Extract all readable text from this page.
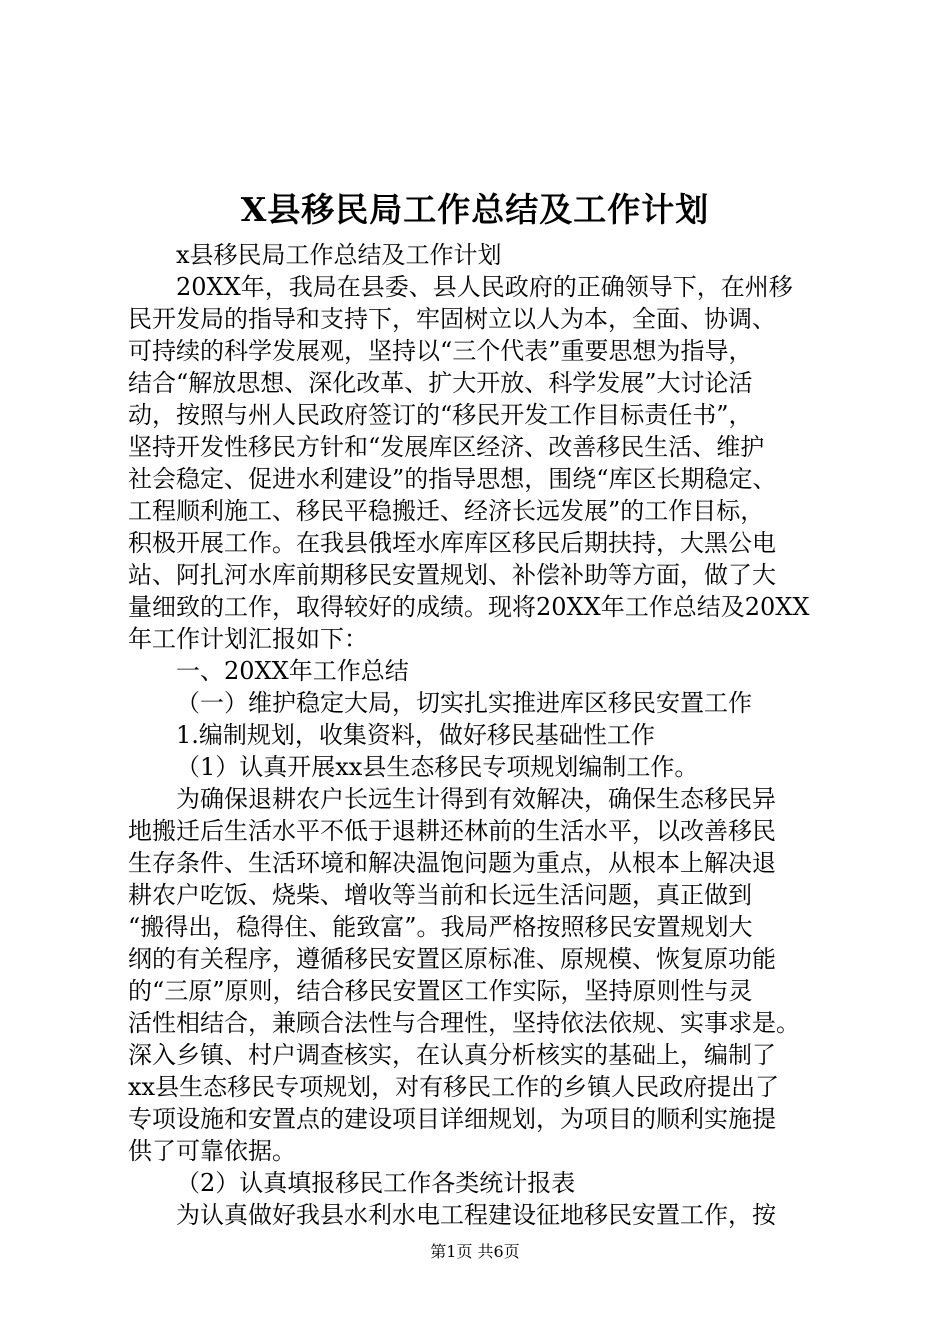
X县移民局工作总结及工作计划
x县移民局工作总结及工作计划
20XX年，我局在县委、县人民政府的正确领导下，在州移
民开发局的指导和支持下，牢固树立以人为本，全面、协调、
可持续的科学发展观，坚持以“三个代表”重要思想为指导，
结合“解放思想、深化改革、扩大开放、科学发展”大讨论活
动，按照与州人民政府签订的“移民开发工作目标责任书”，
坚持开发性移民方针和“发展库区经济、改善移民生活、维护
社会稳定、促进水利建设”的指导思想，围绕“库区长期稳定、
工程顺利施工、移民平稳搬迁、经济长远发展”的工作目标，
积极开展工作。在我县俄垤水库库区移民后期扶持，大黑公电
站、阿扎河水库前期移民安置规划、补偿补助等方面，做了大
量细致的工作，取得较好的成绩。现将20XX年工作总结及20XX
年工作计划汇报如下：
一、20XX年工作总结
（一）维护稳定大局，切实扎实推进库区移民安置工作
1.编制规划，收集资料，做好移民基础性工作
（1）认真开展xx县生态移民专项规划编制工作。
为确保退耕农户长远生计得到有效解决，确保生态移民异
地搬迁后生活水平不低于退耕还林前的生活水平，以改善移民
生存条件、生活环境和解决温饱问题为重点，从根本上解决退
耕农户吃饭、烧柴、增收等当前和长远生活问题，真正做到
“搬得出，稳得住、能致富”。我局严格按照移民安置规划大
纲的有关程序，遵循移民安置区原标准、原规模、恢复原功能
的“三原”原则，结合移民安置区工作实际，坚持原则性与灵
活性相结合，兼顾合法性与合理性，坚持依法依规、实事求是。
深入乡镇、村户调查核实，在认真分析核实的基础上，编制了
xx县生态移民专项规划，对有移民工作的乡镇人民政府提出了
专项设施和安置点的建设项目详细规划，为项目的顺利实施提
供了可靠依据。
（2）认真填报移民工作各类统计报表
为认真做好我县水利水电工程建设征地移民安置工作，按
第1页 共6页
